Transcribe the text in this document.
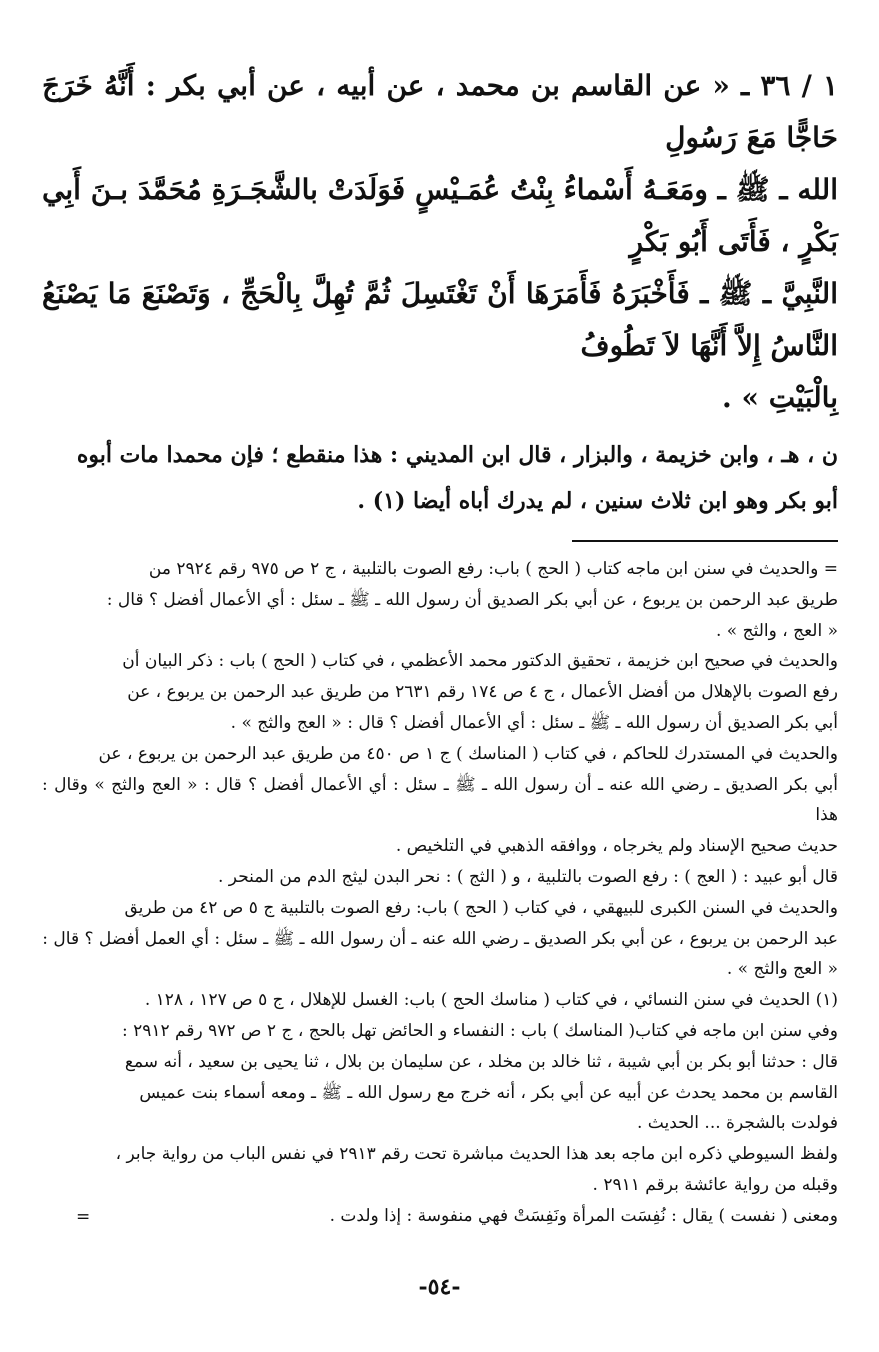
١ / ٣٦ ـ « عن القاسم بن محمد ، عن أبيه ، عن أبي بكر : أَنَّهُ خَرَجَ حَاجًّا مَعَ رَسُولِ

الله ـ ﷺ ـ ومَعَـهُ أَسْماءُ بِنْتُ عُمَـيْسٍ فَوَلَدَتْ بالشَّجَـرَةِ مُحَمَّدَ بـنَ أَبِي بَكْرٍ ، فَأَتَى أَبُو بَكْرٍ

النَّبِيَّ ـ ﷺ ـ فَأَخْبَرَهُ فَأَمَرَهَا أَنْ تَغْتَسِلَ ثُمَّ تُهِلَّ بِالْحَجِّ ، وَتَصْنَعَ مَا يَصْنَعُ النَّاسُ إِلاَّ أَنَّهَا لاَ تَطُوفُ

بِالْبَيْتِ » .

ن ، هـ ، وابن خزيمة ، والبزار ، قال ابن المديني : هذا منقطع ؛ فإن محمدا مات أبوه

أبو بكر وهو ابن ثلاث سنين ، لم يدرك أباه أيضا (١) .

= والحديث في سنن ابن ماجه كتاب ( الحج ) باب: رفع الصوت بالتلبية ، ج ٢ ص ٩٧٥ رقم ٢٩٢٤ من

طريق عبد الرحمن بن يربوع ، عن أبي بكر الصديق أن رسول الله ـ ﷺ ـ سئل : أي الأعمال أفضل ؟ قال :

« العج ، والثج » .

والحديث في صحيح ابن خزيمة ، تحقيق الدكتور محمد الأعظمي ، في كتاب ( الحج ) باب : ذكر البيان أن

رفع الصوت بالإهلال من أفضل الأعمال ، ج ٤ ص ١٧٤ رقم ٢٦٣١ من طريق عبد الرحمن بن يربوع ، عن

أبي بكر الصديق أن رسول الله ـ ﷺ ـ سئل : أي الأعمال أفضل ؟ قال : « العج والثج » .

والحديث في المستدرك للحاكم ، في كتاب ( المناسك ) ج ١ ص ٤٥٠ من طريق عبد الرحمن بن يربوع ، عن

أبي بكر الصديق ـ رضي الله عنه ـ أن رسول الله ـ ﷺ ـ سئل : أي الأعمال أفضل ؟ قال : « العج والثج » وقال : هذا

حديث صحيح الإسناد ولم يخرجاه ، ووافقه الذهبي في التلخيص .

قال أبو عبيد : ( العج ) : رفع الصوت بالتلبية ، و ( الثج ) : نحر البدن ليثج الدم من المنحر .

والحديث في السنن الكبرى للبيهقي ، في كتاب ( الحج ) باب: رفع الصوت بالتلبية ج ٥ ص ٤٢ من طريق

عبد الرحمن بن يربوع ، عن أبي بكر الصديق ـ رضي الله عنه ـ أن رسول الله ـ ﷺ ـ سئل : أي العمل أفضل ؟ قال :

« العج والثج » .

(١) الحديث في سنن النسائي ، في كتاب ( مناسك الحج ) باب: الغسل للإهلال ، ج ٥ ص ١٢٧ ، ١٢٨ .

وفي سنن ابن ماجه في كتاب( المناسك ) باب : النفساء و الحائض تهل بالحج ، ج ٢ ص ٩٧٢ رقم ٢٩١٢ :

قال : حدثنا أبو بكر بن أبي شيبة ، ثنا خالد بن مخلد ، عن سليمان بن بلال ، ثنا يحيى بن سعيد ، أنه سمع

القاسم بن محمد يحدث عن أبيه عن أبي بكر ، أنه خرج مع رسول الله ـ ﷺ ـ ومعه أسماء بنت عميس

فولدت بالشجرة ... الحديث .

ولفظ السيوطي ذكره ابن ماجه بعد هذا الحديث مباشرة تحت رقم ٢٩١٣ في نفس الباب من رواية جابر ،

وقبله من رواية عائشة برقم ٢٩١١ .

ومعنى ( نفست ) يقال : نُفِسَت المرأة ونَفِسَتْ فهي منفوسة : إذا ولدت .

=
-٥٤-
